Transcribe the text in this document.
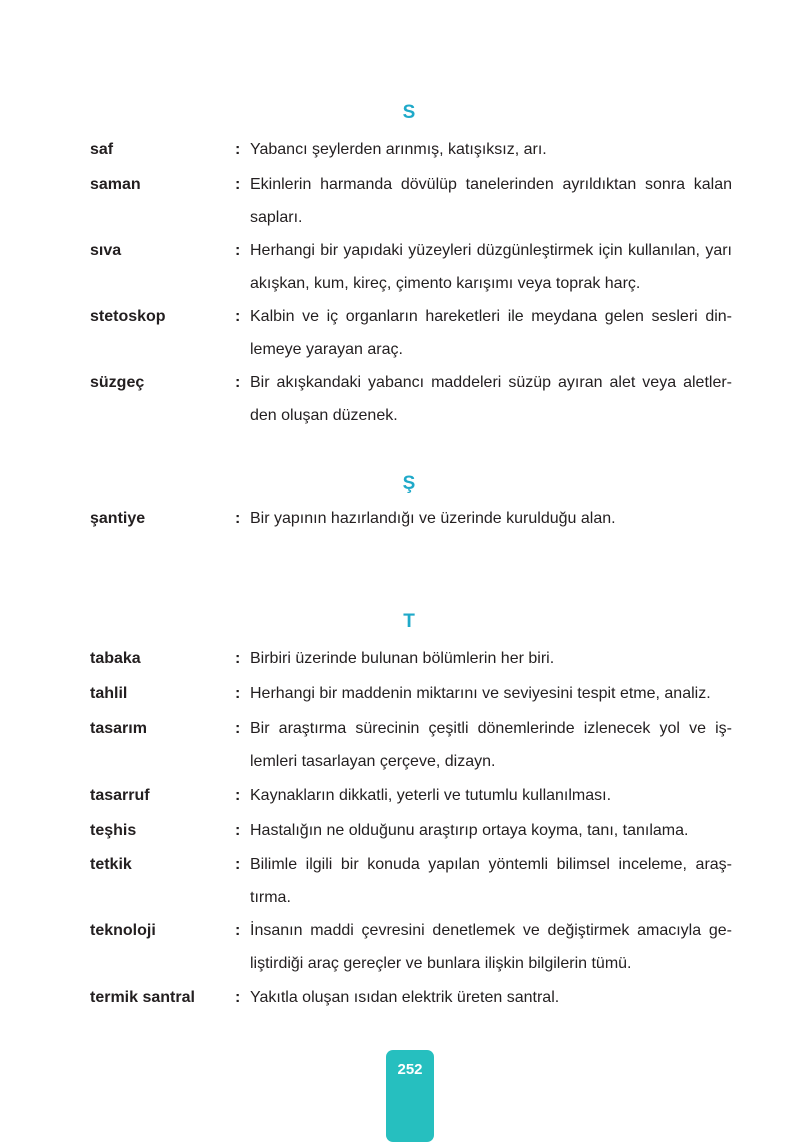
S
saf	: Yabancı şeylerden arınmış, katışıksız, arı.
saman	: Ekinlerin harmanda dövülüp tanelerinden ayrıldıktan sonra kalan sapları.
sıva	: Herhangi bir yapıdaki yüzeyleri düzgünleştirmek için kullanılan, yarı akışkan, kum, kireç, çimento karışımı veya toprak harç.
stetoskop	: Kalbin ve iç organların hareketleri ile meydana gelen sesleri dinlemeye yarayan araç.
süzgeç	: Bir akışkandaki yabancı maddeleri süzüp ayıran alet veya aletlerden oluşan düzenek.
Ş
şantiye	: Bir yapının hazırlandığı ve üzerinde kurulduğu alan.
T
tabaka	: Birbiri üzerinde bulunan bölümlerin her biri.
tahlil	: Herhangi bir maddenin miktarını ve seviyesini tespit etme, analiz.
tasarım	: Bir araştırma sürecinin çeşitli dönemlerinde izlenecek yol ve işlemleri tasarlayan çerçeve, dizayn.
tasarruf	: Kaynakların dikkatli, yeterli ve tutumlu kullanılması.
teşhis	: Hastalığın ne olduğunu araştırıp ortaya koyma, tanı, tanılama.
tetkik	: Bilimle ilgili bir konuda yapılan yöntemli bilimsel inceleme, araştırma.
teknoloji	: İnsanın maddi çevresini denetlemek ve değiştirmek amacıyla geliştirdiği araç gereçler ve bunlara ilişkin bilgilerin tümü.
termik santral	: Yakıtla oluşan ısıdan elektrik üreten santral.
252
